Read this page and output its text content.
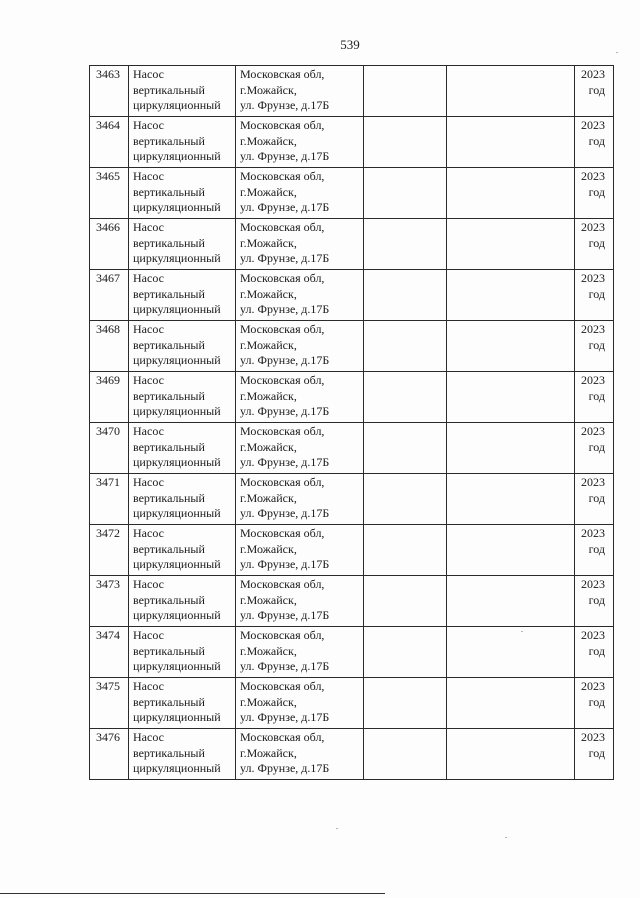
539
3463	Насос
вертикальный
циркуляционный	Московская обл,
г.Можайск,
ул. Фрунзе, д.17Б			2023
год

3464	Насос
вертикальный
циркуляционный	Московская обл,
г.Можайск,
ул. Фрунзе, д.17Б			2023
год

3465	Насос
вертикальный
циркуляционный	Московская обл,
г.Можайск,
ул. Фрунзе, д.17Б			2023
год

3466	Насос
вертикальный
циркуляционный	Московская обл,
г.Можайск,
ул. Фрунзе, д.17Б			2023
год

3467	Насос
вертикальный
циркуляционный	Московская обл,
г.Можайск,
ул. Фрунзе, д.17Б			2023
год

3468	Насос
вертикальный
циркуляционный	Московская обл,
г.Можайск,
ул. Фрунзе, д.17Б			2023
год

3469	Насос
вертикальный
циркуляционный	Московская обл,
г.Можайск,
ул. Фрунзе, д.17Б			2023
год

3470	Насос
вертикальный
циркуляционный	Московская обл,
г.Можайск,
ул. Фрунзе, д.17Б			2023
год

3471	Насос
вертикальный
циркуляционный	Московская обл,
г.Можайск,
ул. Фрунзе, д.17Б			2023
год

3472	Насос
вертикальный
циркуляционный	Московская обл,
г.Можайск,
ул. Фрунзе, д.17Б			2023
год

3473	Насос
вертикальный
циркуляционный	Московская обл,
г.Можайск,
ул. Фрунзе, д.17Б			2023
год

3474	Насос
вертикальный
циркуляционный	Московская обл,
г.Можайск,
ул. Фрунзе, д.17Б			2023
год

3475	Насос
вертикальный
циркуляционный	Московская обл,
г.Можайск,
ул. Фрунзе, д.17Б			2023
год

3476	Насос
вертикальный
циркуляционный	Московская обл,
г.Можайск,
ул. Фрунзе, д.17Б			2023
год
